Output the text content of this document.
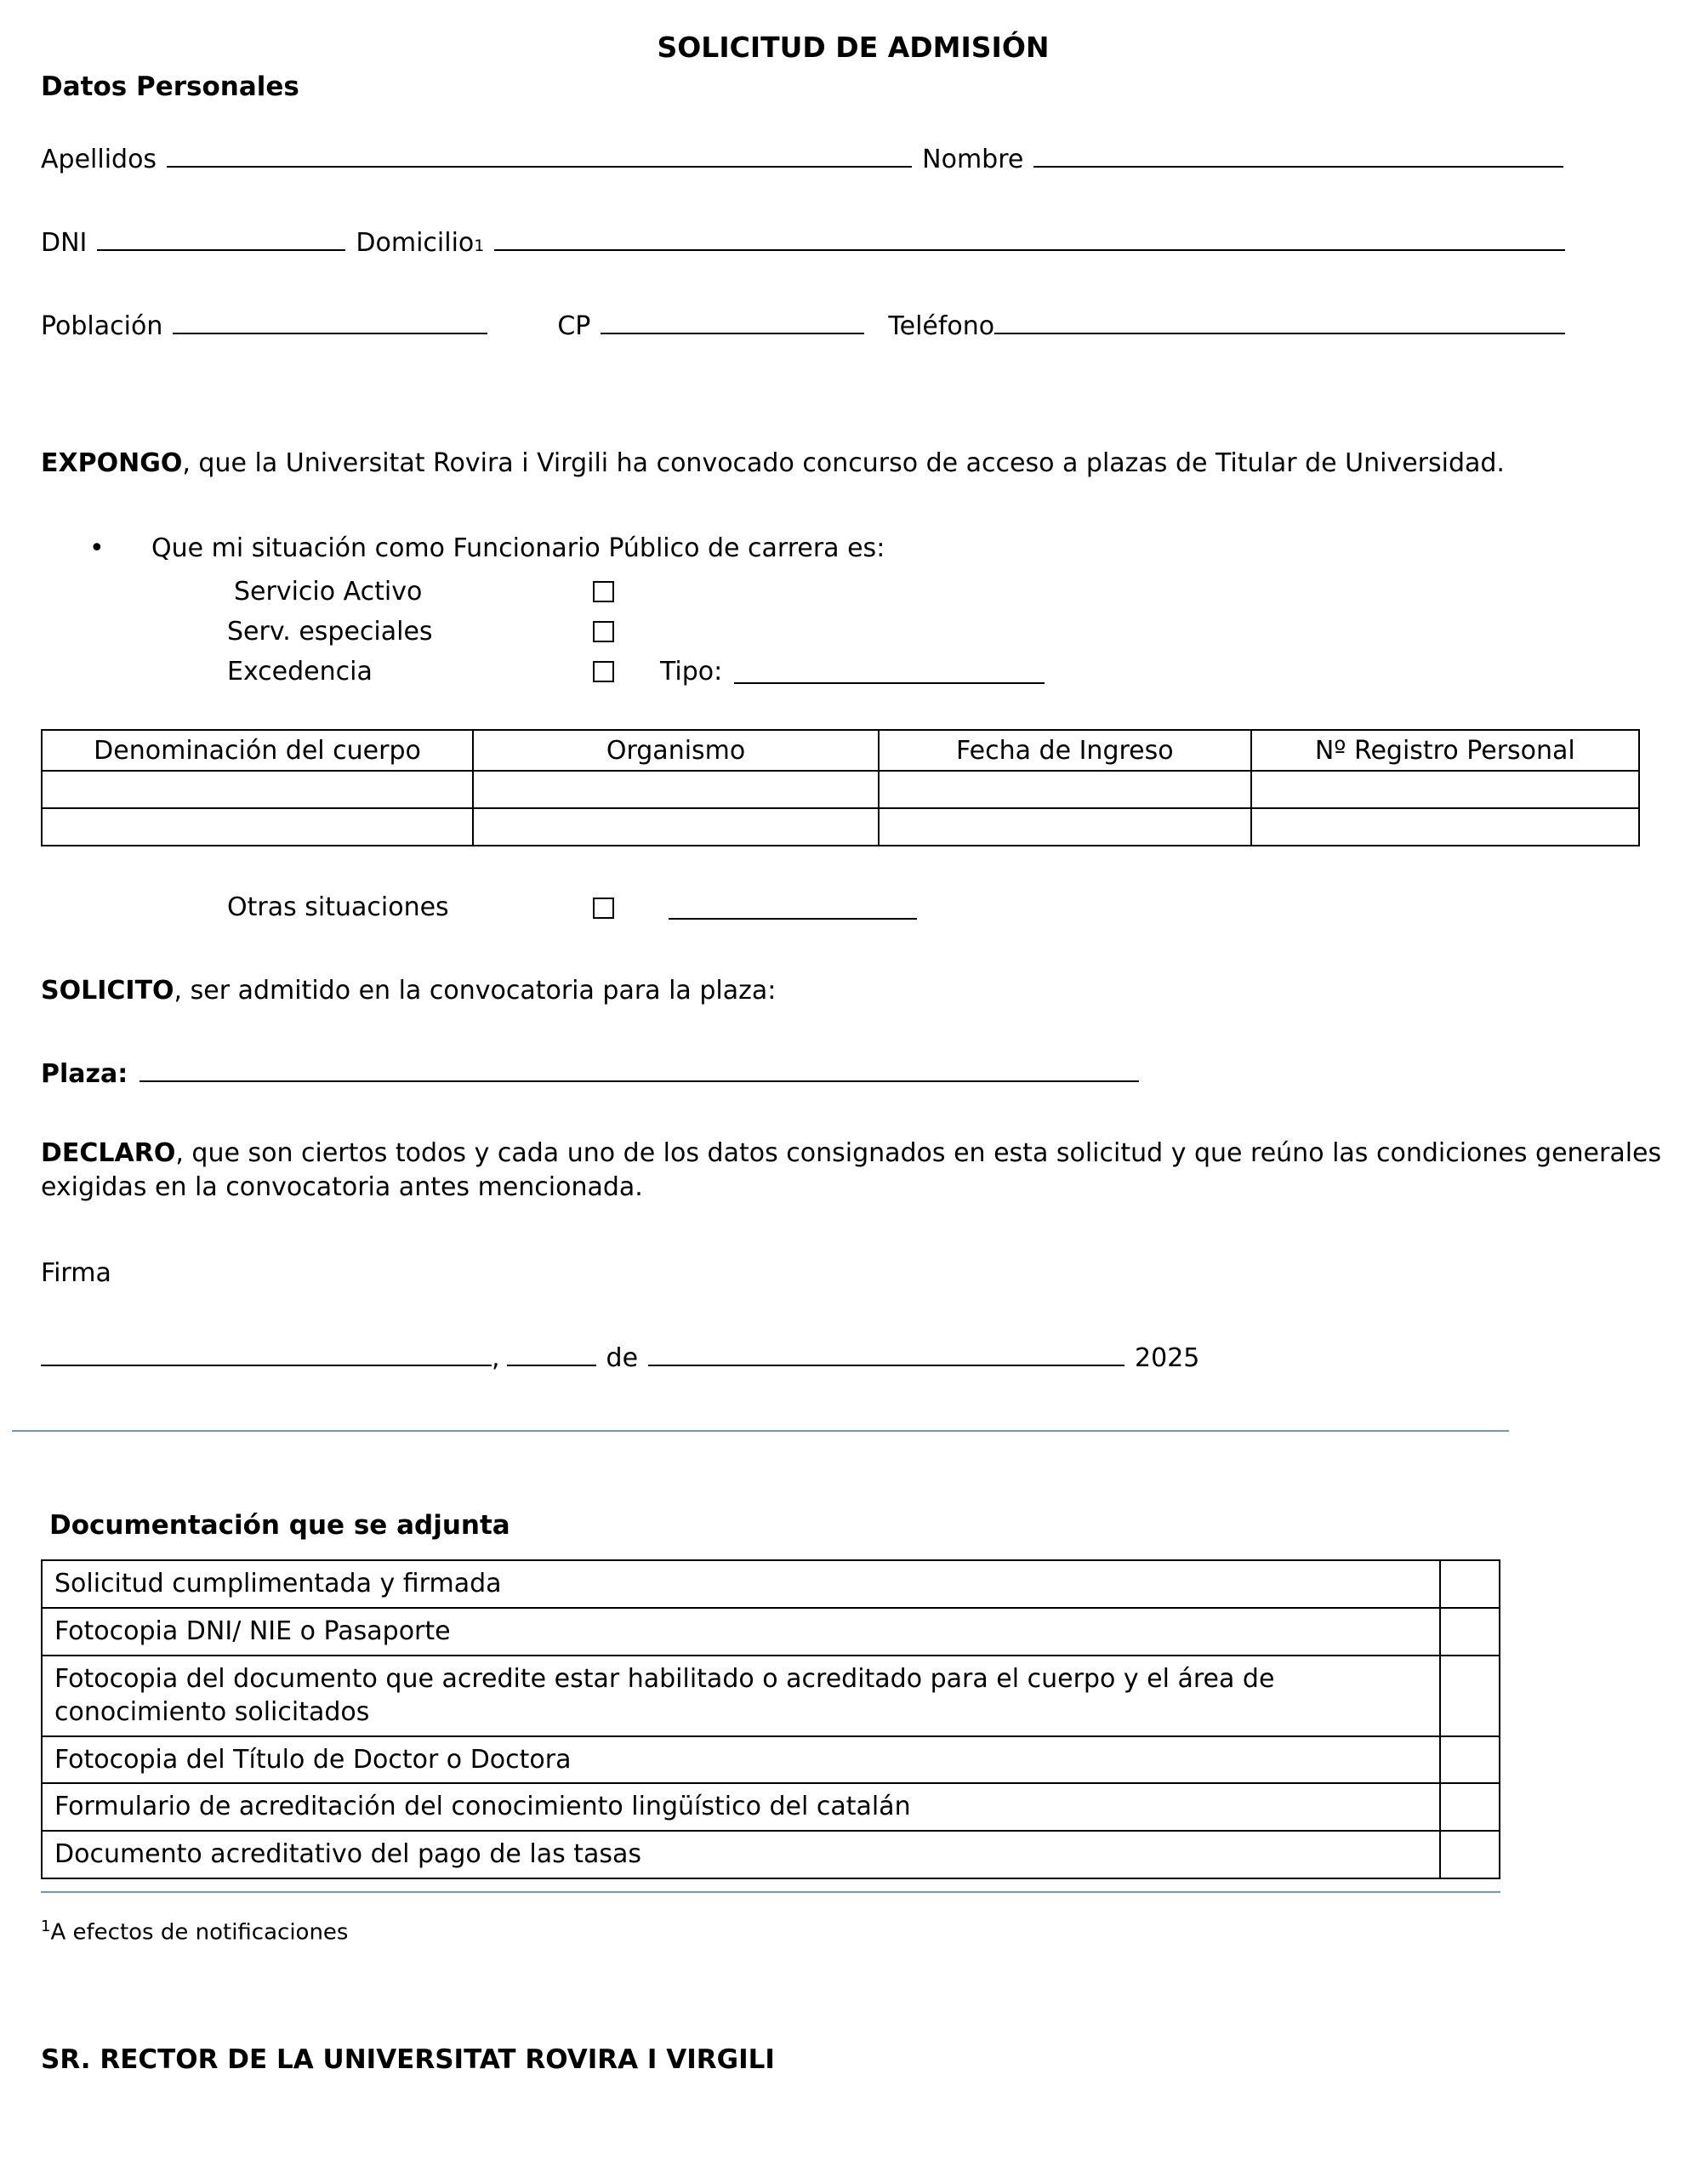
SOLICITUD DE ADMISIÓN
Datos Personales
Apellidos	Nombre
DNI	Domicilio1
Población	CP	Teléfono

EXPONGO, que la Universitat Rovira i Virgili ha convocado concurso de acceso a plazas de Titular de Universidad.

•	Que mi situación como Funcionario Público de carrera es:
Servicio Activo
Serv. especiales
Excedencia	Tipo:
Denominación del cuerpo	Organismo	Fecha de Ingreso	Nº Registro Personal

Otras situaciones

SOLICITO, ser admitido en la convocatoria para la plaza:

Plaza:

DECLARO, que son ciertos todos y cada uno de los datos consignados en esta solicitud y que reúno las condiciones generales exigidas en la convocatoria antes mencionada.

Firma
,	de	2025
Documentación que se adjunta
Solicitud cumplimentada y firmada	
Fotocopia DNI/ NIE o Pasaporte	
Fotocopia del documento que acredite estar habilitado o acreditado para el cuerpo y el área de conocimiento solicitados	
Fotocopia del Título de Doctor o Doctora	
Formulario de acreditación del conocimiento lingüístico del catalán	
Documento acreditativo del pago de las tasas	
$^1$A efectos de notificaciones
SR. RECTOR DE LA UNIVERSITAT ROVIRA I VIRGILI
